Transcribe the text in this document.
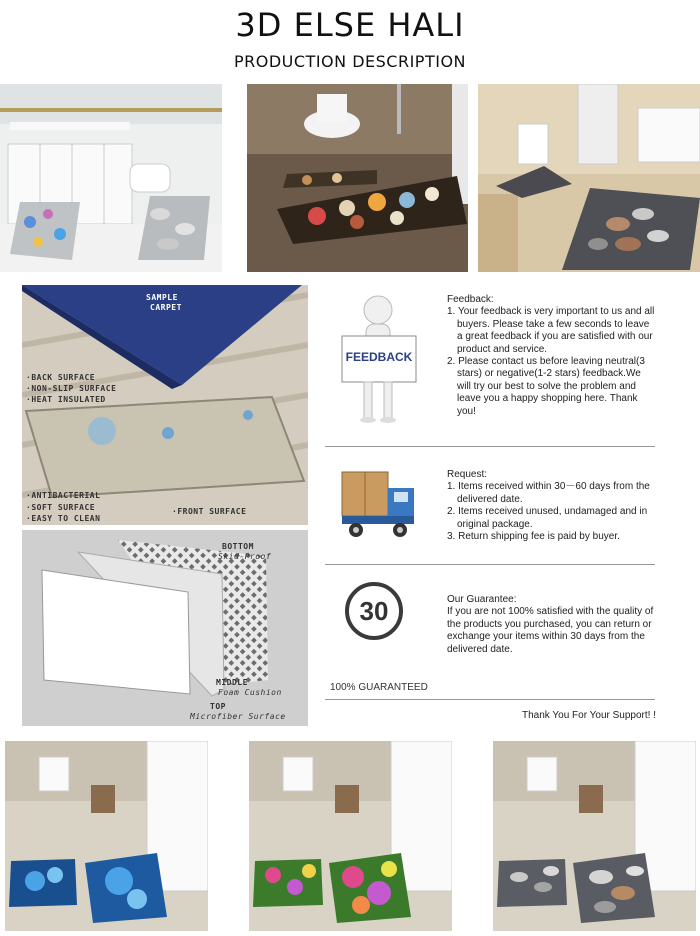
3D ELSE HALI
PRODUCTION DESCRIPTION
SAMPLE
CARPET
·BACK SURFACE
·NON-SLIP SURFACE
·HEAT INSULATED
·ANTIBACTERIAL
·SOFT SURFACE
·EASY TO CLEAN
·FRONT SURFACE
BOTTOM
Skid-Proof
MIDDLE
Foam Cushion
TOP
Microfiber Surface
FEEDBACK
Feedback:
1. Your feedback is very important to us and all buyers. Please take a few seconds to leave a great feedback if you are satisfied with our product and service.
2. Please contact us before leaving neutral(3 stars) or negative(1-2 stars) feedback.We will try our best to solve the problem and leave you a happy shopping here. Thank you!
Request:
1. Items received within 30－60 days from the delivered date.
2. Items received unused, undamaged and in original package.
3. Return shipping fee is paid by buyer.
30	Our Guarantee:
If you are not 100% satisfied with the quality of the products you purchased, you can return or exchange your items within 30 days from the delivered date.
100% GUARANTEED
Thank You For Your Support! !
